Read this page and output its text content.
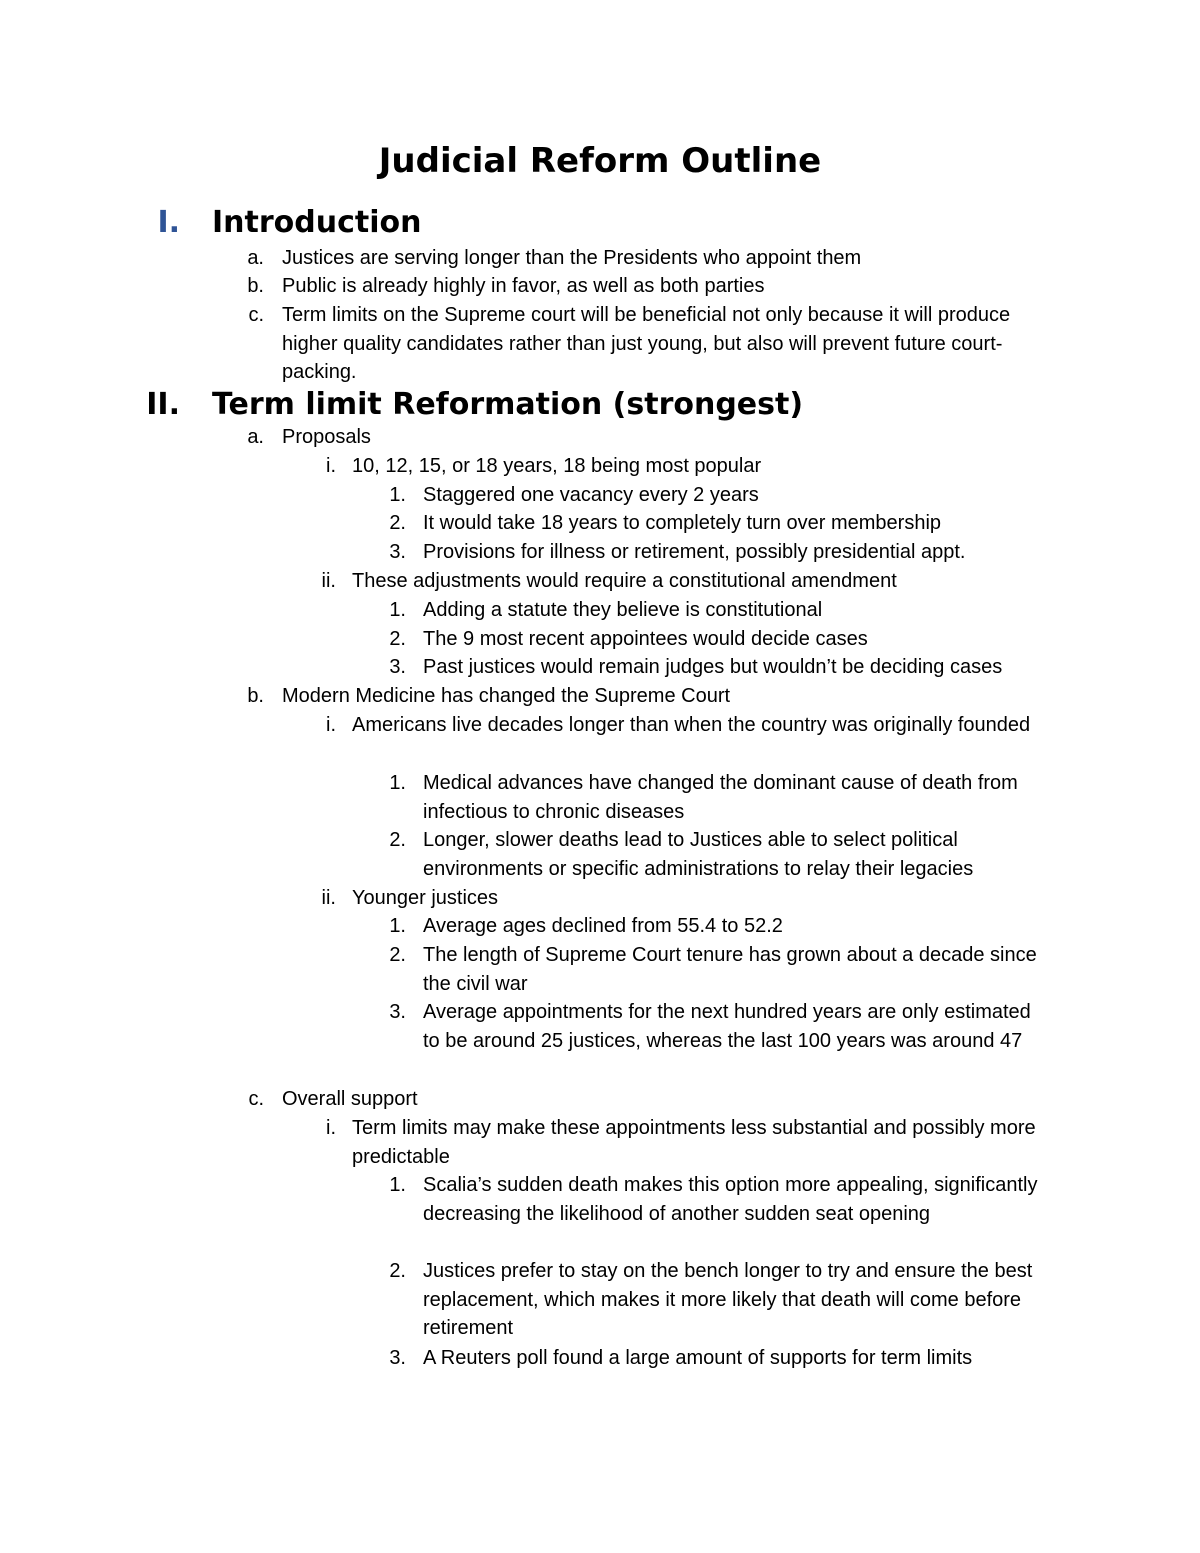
Judicial Reform Outline
I. Introduction
a. Justices are serving longer than the Presidents who appoint them
b. Public is already highly in favor, as well as both parties
c. Term limits on the Supreme court will be beneficial not only because it will produce higher quality candidates rather than just young, but also will prevent future court-packing.
II. Term limit Reformation (strongest)
a. Proposals
i. 10, 12, 15, or 18 years, 18 being most popular
1. Staggered one vacancy every 2 years
2. It would take 18 years to completely turn over membership
3. Provisions for illness or retirement, possibly presidential appt.
ii. These adjustments would require a constitutional amendment
1. Adding a statute they believe is constitutional
2. The 9 most recent appointees would decide cases
3. Past justices would remain judges but wouldn’t be deciding cases
b. Modern Medicine has changed the Supreme Court
i. Americans live decades longer than when the country was originally founded
1. Medical advances have changed the dominant cause of death from infectious to chronic diseases
2. Longer, slower deaths lead to Justices able to select political environments or specific administrations to relay their legacies
ii. Younger justices
1. Average ages declined from 55.4 to 52.2
2. The length of Supreme Court tenure has grown about a decade since the civil war
3. Average appointments for the next hundred years are only estimated to be around 25 justices, whereas the last 100 years was around 47
c. Overall support
i. Term limits may make these appointments less substantial and possibly more predictable
1. Scalia’s sudden death makes this option more appealing, significantly decreasing the likelihood of another sudden seat opening
2. Justices prefer to stay on the bench longer to try and ensure the best replacement, which makes it more likely that death will come before retirement
3. A Reuters poll found a large amount of supports for term limits
